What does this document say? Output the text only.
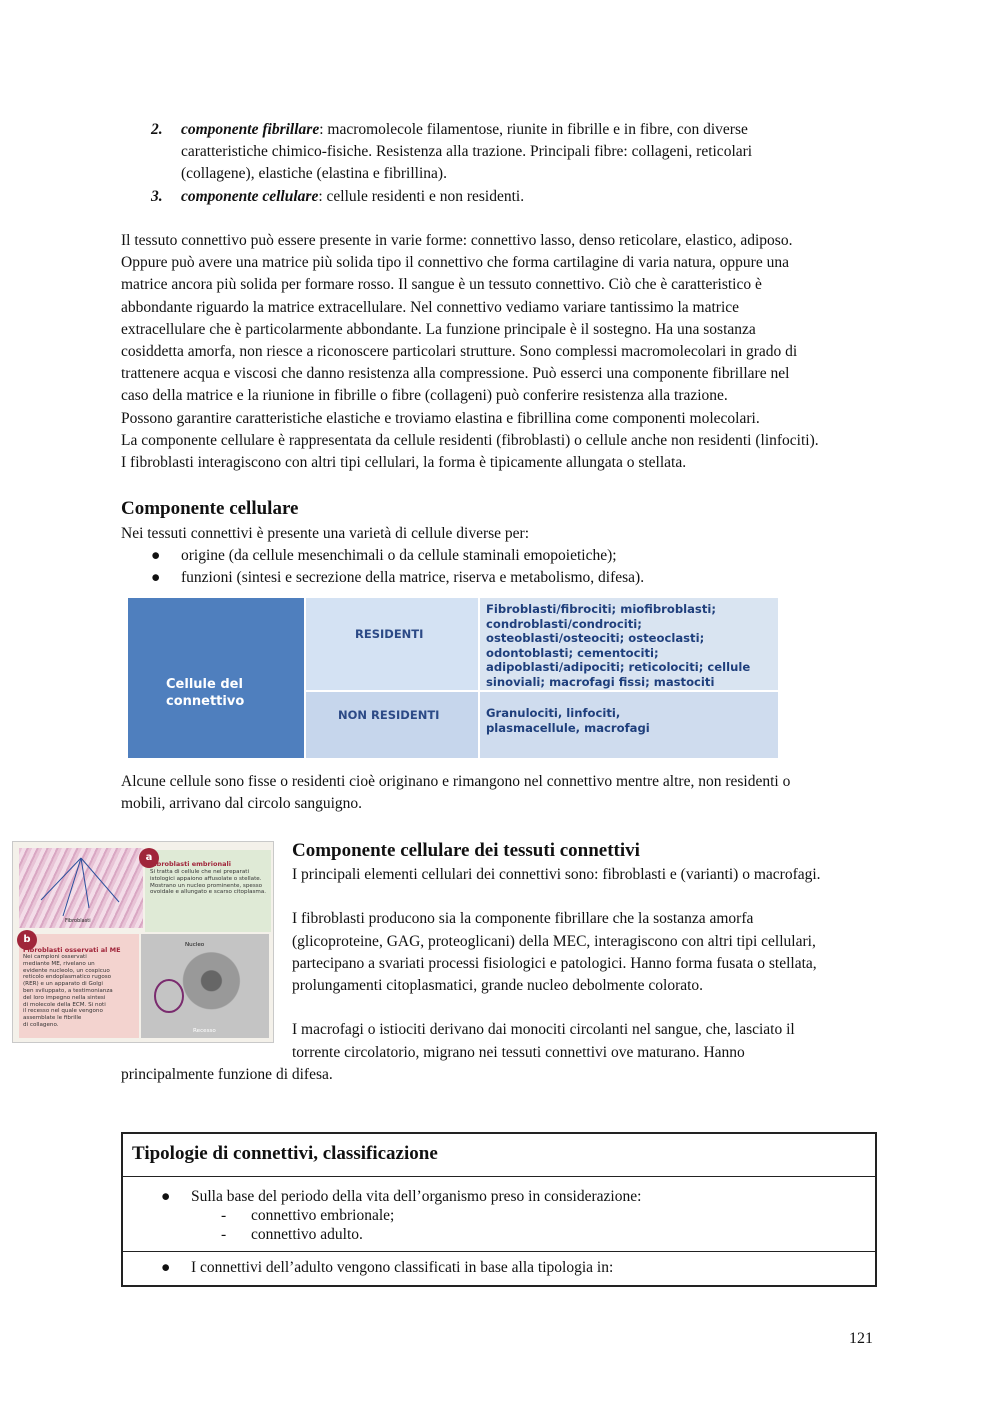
2. componente fibrillare: macromolecole filamentose, riunite in fibrille e in fibre, con diverse
caratteristiche chimico-fisiche. Resistenza alla trazione. Principali fibre: collageni, reticolari
(collagene), elastiche (elastina e fibrillina).
3. componente cellulare: cellule residenti e non residenti.
Il tessuto connettivo può essere presente in varie forme: connettivo lasso, denso reticolare, elastico, adiposo.
Oppure può avere una matrice più solida tipo il connettivo che forma cartilagine di varia natura, oppure una
matrice ancora più solida per formare rosso. Il sangue è un tessuto connettivo. Ciò che è caratteristico è
abbondante riguardo la matrice extracellulare. Nel connettivo vediamo variare tantissimo la matrice
extracellulare che è particolarmente abbondante. La funzione principale è il sostegno. Ha una sostanza
cosiddetta amorfa, non riesce a riconoscere particolari strutture. Sono complessi macromolecolari in grado di
trattenere acqua e viscosi che danno resistenza alla compressione. Può esserci una componente fibrillare nel
caso della matrice e la riunione in fibrille o fibre (collageni) può conferire resistenza alla trazione.
Possono garantire caratteristiche elastiche e troviamo elastina e fibrillina come componenti molecolari.
La componente cellulare è rappresentata da cellule residenti (fibroblasti) o cellule anche non residenti (linfociti).
I fibroblasti interagiscono con altri tipi cellulari, la forma è tipicamente allungata o stellata.
Componente cellulare
Nei tessuti connettivi è presente una varietà di cellule diverse per:
● origine (da cellule mesenchimali o da cellule staminali emopoietiche);
● funzioni (sintesi e secrezione della matrice, riserva e metabolismo, difesa).
Cellule del
connettivo
RESIDENTI
Fibroblasti/fibrociti; miofibroblasti;
condroblasti/condrociti;
osteoblasti/osteociti; osteoclasti;
odontoblasti; cementociti;
adipoblasti/adipociti; reticolociti; cellule
sinoviali; macrofagi fissi; mastociti
NON RESIDENTI	Granulociti, linfociti,
plasmacellule, macrofagi
Alcune cellule sono fisse o residenti cioè originano e rimangono nel connettivo mentre altre, non residenti o
mobili, arrivano dal circolo sanguigno.
Fibroblasti
a
Fibroblasti embrionali
Si tratta di cellule che nei preparati
istologici appaiono affusolate o stellate.
Mostrano un nucleo prominente, spesso
ovoidale e allungato e scarso citoplasma.
b
Fibroblasti osservati al ME
Nei campioni osservati
mediante ME, rivelano un
evidente nucleolo, un cospicuo
reticolo endoplasmatico rugoso
(RER) e un apparato di Golgi
ben sviluppato, a testimonianza
del loro impegno nella sintesi
di molecole della ECM. Si noti
il recesso nel quale vengono
assemblate le fibrille
di collageno.
Nucleo
Recesso
Componente cellulare dei tessuti connettivi
I principali elementi cellulari dei connettivi sono: fibroblasti e (varianti) o macrofagi.
I fibroblasti producono sia la componente fibrillare che la sostanza amorfa
(glicoproteine, GAG, proteoglicani) della MEC, interagiscono con altri tipi cellulari,
partecipano a svariati processi fisiologici e patologici. Hanno forma fusata o stellata,
prolungamenti citoplasmatici, grande nucleo debolmente colorato.
I macrofagi o istiociti derivano dai monociti circolanti nel sangue, che, lasciato il
torrente circolatorio, migrano nei tessuti connettivi ove maturano. Hanno
principalmente funzione di difesa.
Tipologie di connettivi, classificazione
● Sulla base del periodo della vita dell’organismo preso in considerazione:
- connettivo embrionale;
- connettivo adulto.
● I connettivi dell’adulto vengono classificati in base alla tipologia in:
121
